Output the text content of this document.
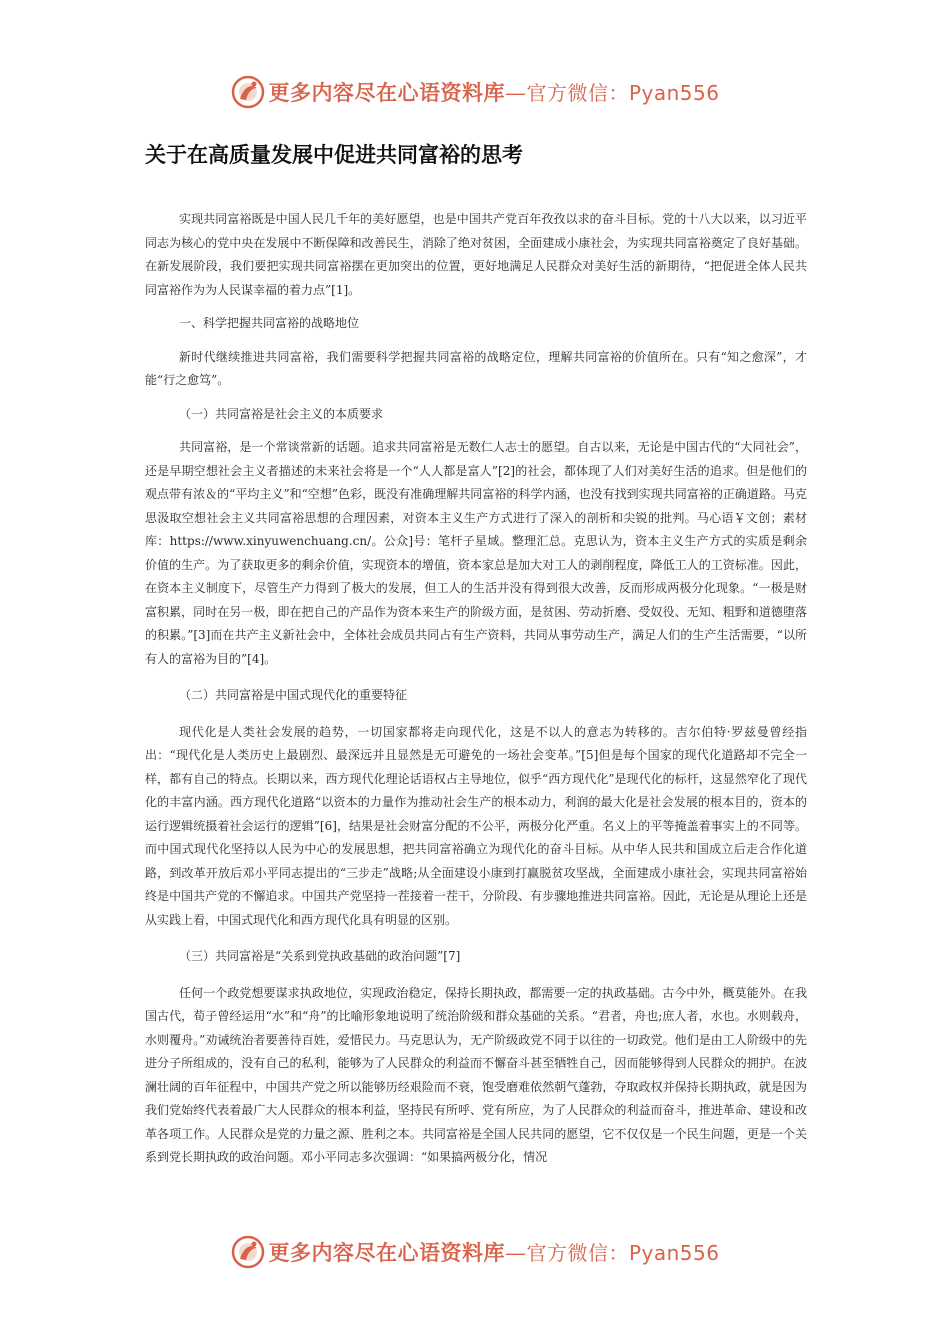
更多内容尽在心语资料库—官方微信：Pyan556
关于在高质量发展中促进共同富裕的思考

实现共同富裕既是中国人民几千年的美好愿望，也是中国共产党百年孜孜以求的奋斗目标。党的十八大以来，以习近平同志为核心的党中央在发展中不断保障和改善民生，消除了绝对贫困，全面建成小康社会，为实现共同富裕奠定了良好基础。在新发展阶段，我们要把实现共同富裕摆在更加突出的位置，更好地满足人民群众对美好生活的新期待，“把促进全体人民共同富裕作为为人民谋幸福的着力点”[1]。

一、科学把握共同富裕的战略地位

新时代继续推进共同富裕，我们需要科学把握共同富裕的战略定位，理解共同富裕的价值所在。只有“知之愈深”，才能“行之愈笃”。

（一）共同富裕是社会主义的本质要求

共同富裕，是一个常谈常新的话题。追求共同富裕是无数仁人志士的愿望。自古以来，无论是中国古代的“大同社会”，还是早期空想社会主义者描述的未来社会将是一个“人人都是富人”[2]的社会，都体现了人们对美好生活的追求。但是他们的观点带有浓＆的“平均主义”和“空想”色彩，既没有准确理解共同富裕的科学内涵，也没有找到实现共同富裕的正确道路。马克思汲取空想社会主义共同富裕思想的合理因素，对资本主义生产方式进行了深入的剖析和尖锐的批判。马心语￥文创；素材库：https://www.xinyuwenchuang.cn/。公众]号：笔杆子星域。整理汇总。克思认为，资本主义生产方式的实质是剩余价值的生产。为了获取更多的剩余价值，实现资本的增值，资本家总是加大对工人的剥削程度，降低工人的工资标准。因此，在资本主义制度下，尽管生产力得到了极大的发展，但工人的生活并没有得到很大改善，反而形成两极分化现象。“一极是财富积累，同时在另一极，即在把自己的产品作为资本来生产的阶级方面，是贫困、劳动折磨、受奴役、无知、粗野和道德堕落的积累。”[3]而在共产主义新社会中，全体社会成员共同占有生产资料，共同从事劳动生产，满足人们的生产生活需要，“以所有人的富裕为目的”[4]。

（二）共同富裕是中国式现代化的重要特征

现代化是人类社会发展的趋势，一切国家都将走向现代化，这是不以人的意志为转移的。吉尔伯特·罗兹曼曾经指出：“现代化是人类历史上最剧烈、最深远并且显然是无可避免的一场社会变革。”[5]但是每个国家的现代化道路却不完全一样，都有自己的特点。长期以来，西方现代化理论话语权占主导地位，似乎“西方现代化”是现代化的标杆，这显然窄化了现代化的丰富内涵。西方现代化道路“以资本的力量作为推动社会生产的根本动力，利润的最大化是社会发展的根本目的，资本的运行逻辑统摄着社会运行的逻辑”[6]，结果是社会财富分配的不公平，两极分化严重。名义上的平等掩盖着事实上的不同等。而中国式现代化坚持以人民为中心的发展思想，把共同富裕确立为现代化的奋斗目标。从中华人民共和国成立后走合作化道路，到改革开放后邓小平同志提出的“三步走”战略;从全面建设小康到打赢脱贫攻坚战，全面建成小康社会，实现共同富裕始终是中国共产党的不懈追求。中国共产党坚持一茬接着一茬干，分阶段、有步骤地推进共同富裕。因此，无论是从理论上还是从实践上看，中国式现代化和西方现代化具有明显的区别。

（三）共同富裕是“关系到党执政基础的政治问题”[7]

任何一个政党想要谋求执政地位，实现政治稳定，保持长期执政，都需要一定的执政基础。古今中外，概莫能外。在我国古代，荀子曾经运用“水”和“舟”的比喻形象地说明了统治阶级和群众基础的关系。“君者，舟也;庶人者，水也。水则载舟，水则覆舟。”劝诫统治者要善待百姓，爱惜民力。马克思认为，无产阶级政党不同于以往的一切政党。他们是由工人阶级中的先进分子所组成的，没有自己的私利，能够为了人民群众的利益而不懈奋斗甚至牺牲自己，因而能够得到人民群众的拥护。在波澜壮阔的百年征程中，中国共产党之所以能够历经艰险而不衰，饱受磨难依然朝气蓬勃，夺取政权并保持长期执政，就是因为我们党始终代表着最广大人民群众的根本利益，坚持民有所呼、党有所应，为了人民群众的利益而奋斗，推进革命、建设和改革各项工作。人民群众是党的力量之源、胜利之本。共同富裕是全国人民共同的愿望，它不仅仅是一个民生问题，更是一个关系到党长期执政的政治问题。邓小平同志多次强调：“如果搞两极分化，情况

更多内容尽在心语资料库—官方微信：Pyan556
